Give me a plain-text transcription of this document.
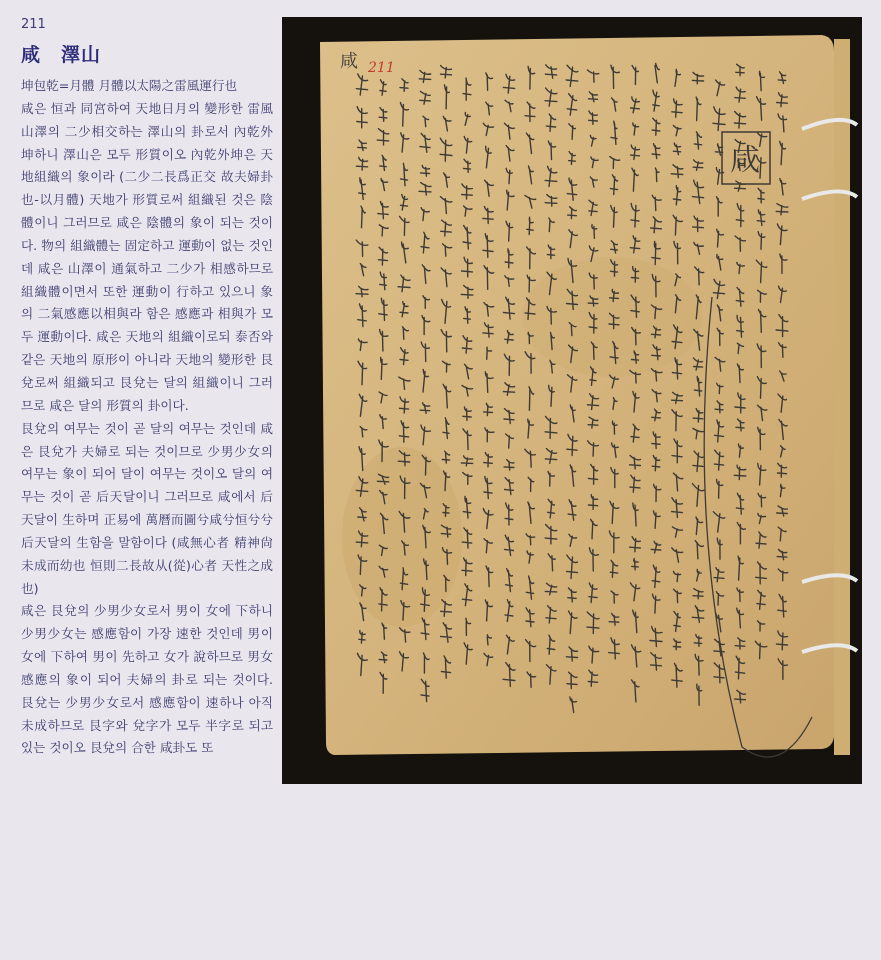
211
咸　澤山

坤包乾=月體 月體以太陽之雷風運行也

咸은 恒과 同宮하여 天地日月의 變形한 雷風山澤의 二少相交하는 澤山의 卦로서 內乾外坤하니 澤山은 모두 形質이오 內乾外坤은 天地組織의 象이라 (二少二長爲正交 故夫婦卦也-以月體) 天地가 形質로써 組織된 것은 陰體이니 그러므로 咸은 陰體의 象이 되는 것이다. 物의 組織體는 固定하고 運動이 없는 것인데 咸은 山澤이 通氣하고 二少가 相感하므로 組織體이면서 또한 運動이 行하고 있으니 象의 二氣感應以相與라 함은 感應과 相與가 모두 運動이다. 咸은 天地의 組織이로되 泰否와 같은 天地의 原形이 아니라 天地의 變形한 艮兌로써 組織되고 艮兌는 달의 組織이니 그러므로 咸은 달의 形質의 卦이다.

艮兌의 여무는 것이 곧 달의 여무는 것인데 咸은 艮兌가 夫婦로 되는 것이므로 少男少女의 여무는 象이 되어 달이 여무는 것이오 달의 여무는 것이 곧 后天달이니 그러므로 咸에서 后天달이 生하며 正易에 萬曆而圖兮咸兮恒兮兮 后天달의 生함을 말함이다 (咸無心者 精神尙未成而幼也 恒則二長故从(從)心者 天性之成也)

咸은 艮兌의 少男少女로서 男이 女에 下하니 少男少女는 感應함이 가장 速한 것인데 男이 女에 下하여 男이 先하고 女가 說하므로 男女感應의 象이 되어 夫婦의 卦로 되는 것이다. 艮兌는 少男少女로서 感應함이 速하나 아직 未成하므로 艮字와 兌字가 모두 半字로 되고 있는 것이오 艮兌의 合한 咸卦도 또

咸 211
咸
